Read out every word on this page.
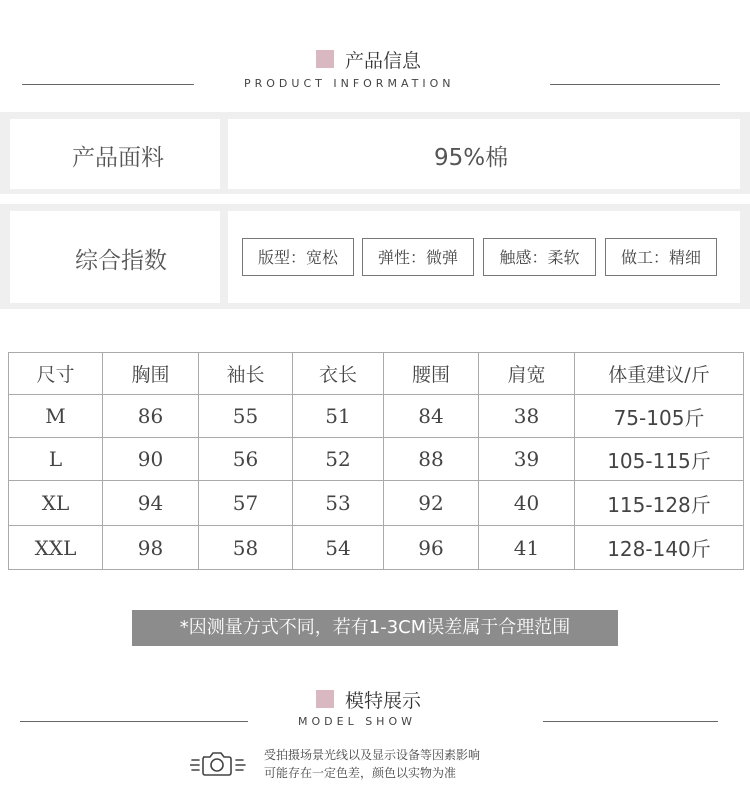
产品信息
PRODUCT INFORMATION
产品面料	95%棉
综合指数	版型：宽松	弹性：微弹	触感：柔软	做工：精细
尺寸	胸围	袖长	衣长	腰围	肩宽	体重建议/斤
M	86	55	51	84	38	75-105斤
L	90	56	52	88	39	105-115斤
XL	94	57	53	92	40	115-128斤
XXL	98	58	54	96	41	128-140斤
*因测量方式不同，若有1-3CM误差属于合理范围
模特展示
MODEL SHOW
受拍摄场景光线以及显示设备等因素影响
可能存在一定色差，颜色以实物为准
